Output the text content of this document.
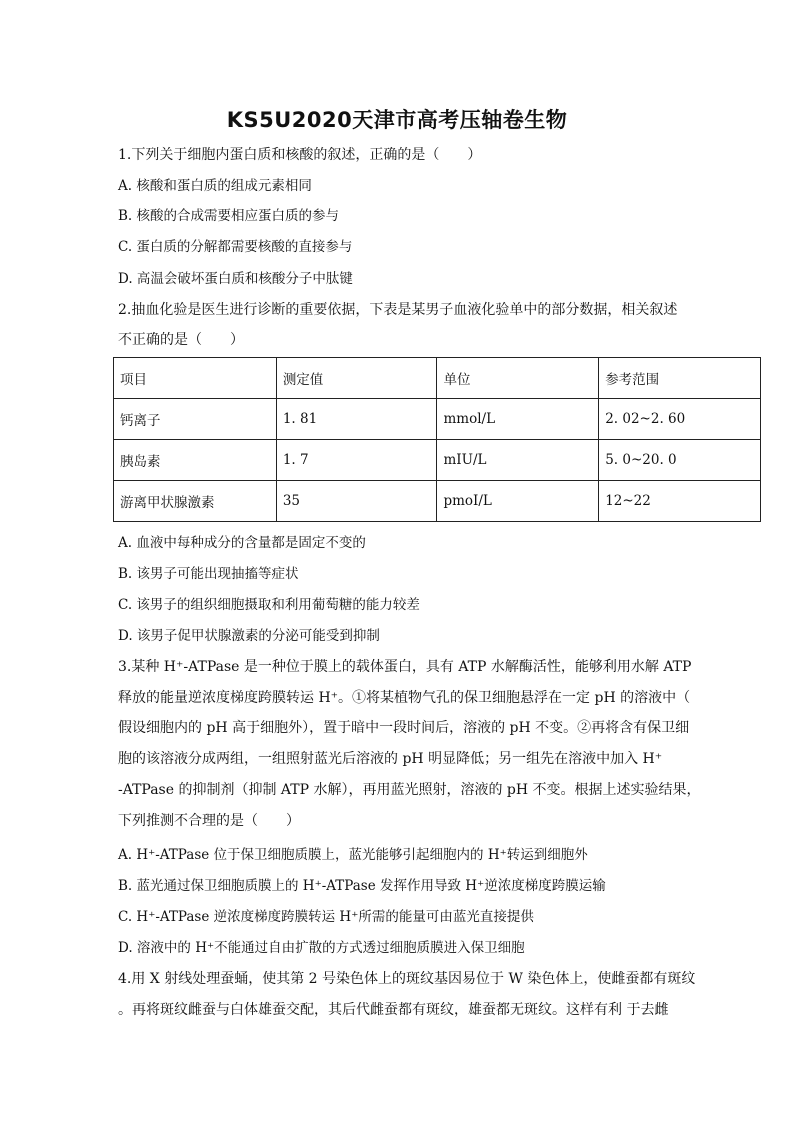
KS5U2020天津市高考压轴卷生物
1.下列关于细胞内蛋白质和核酸的叙述，正确的是（　　）
A. 核酸和蛋白质的组成元素相同
B. 核酸的合成需要相应蛋白质的参与
C. 蛋白质的分解都需要核酸的直接参与
D. 高温会破坏蛋白质和核酸分子中肽键
2.抽血化验是医生进行诊断的重要依据，下表是某男子血液化验单中的部分数据，相关叙述
不正确的是（　　）
项目	测定值	单位	参考范围
钙离子	1. 81	mmol/L	2. 02~2. 60
胰岛素	1. 7	mIU/L	5. 0~20. 0
游离甲状腺激素	35	pmoI/L	12~22
A. 血液中每种成分的含量都是固定不变的
B. 该男子可能出现抽搐等症状
C. 该男子的组织细胞摄取和利用葡萄糖的能力较差
D. 该男子促甲状腺激素的分泌可能受到抑制
3.某种 H⁺-ATPase 是一种位于膜上的载体蛋白，具有 ATP 水解酶活性，能够利用水解 ATP
释放的能量逆浓度梯度跨膜转运 H⁺。①将某植物气孔的保卫细胞悬浮在一定 pH 的溶液中（
假设细胞内的 pH 高于细胞外），置于暗中一段时间后，溶液的 pH 不变。②再将含有保卫细
胞的该溶液分成两组，一组照射蓝光后溶液的 pH 明显降低；另一组先在溶液中加入 H⁺
-ATPase 的抑制剂（抑制 ATP 水解），再用蓝光照射，溶液的 pH 不变。根据上述实验结果，
下列推测不合理的是（　　）
A. H⁺-ATPase 位于保卫细胞质膜上，蓝光能够引起细胞内的 H⁺转运到细胞外
B. 蓝光通过保卫细胞质膜上的 H⁺-ATPase 发挥作用导致 H⁺逆浓度梯度跨膜运输
C. H⁺-ATPase 逆浓度梯度跨膜转运 H⁺所需的能量可由蓝光直接提供
D. 溶液中的 H⁺不能通过自由扩散的方式透过细胞质膜进入保卫细胞
4.用 X 射线处理蚕蛹，使其第 2 号染色体上的斑纹基因易位于 W 染色体上，使雌蚕都有斑纹
。再将斑纹雌蚕与白体雄蚕交配，其后代雌蚕都有斑纹，雄蚕都无斑纹。这样有利 于去雌
